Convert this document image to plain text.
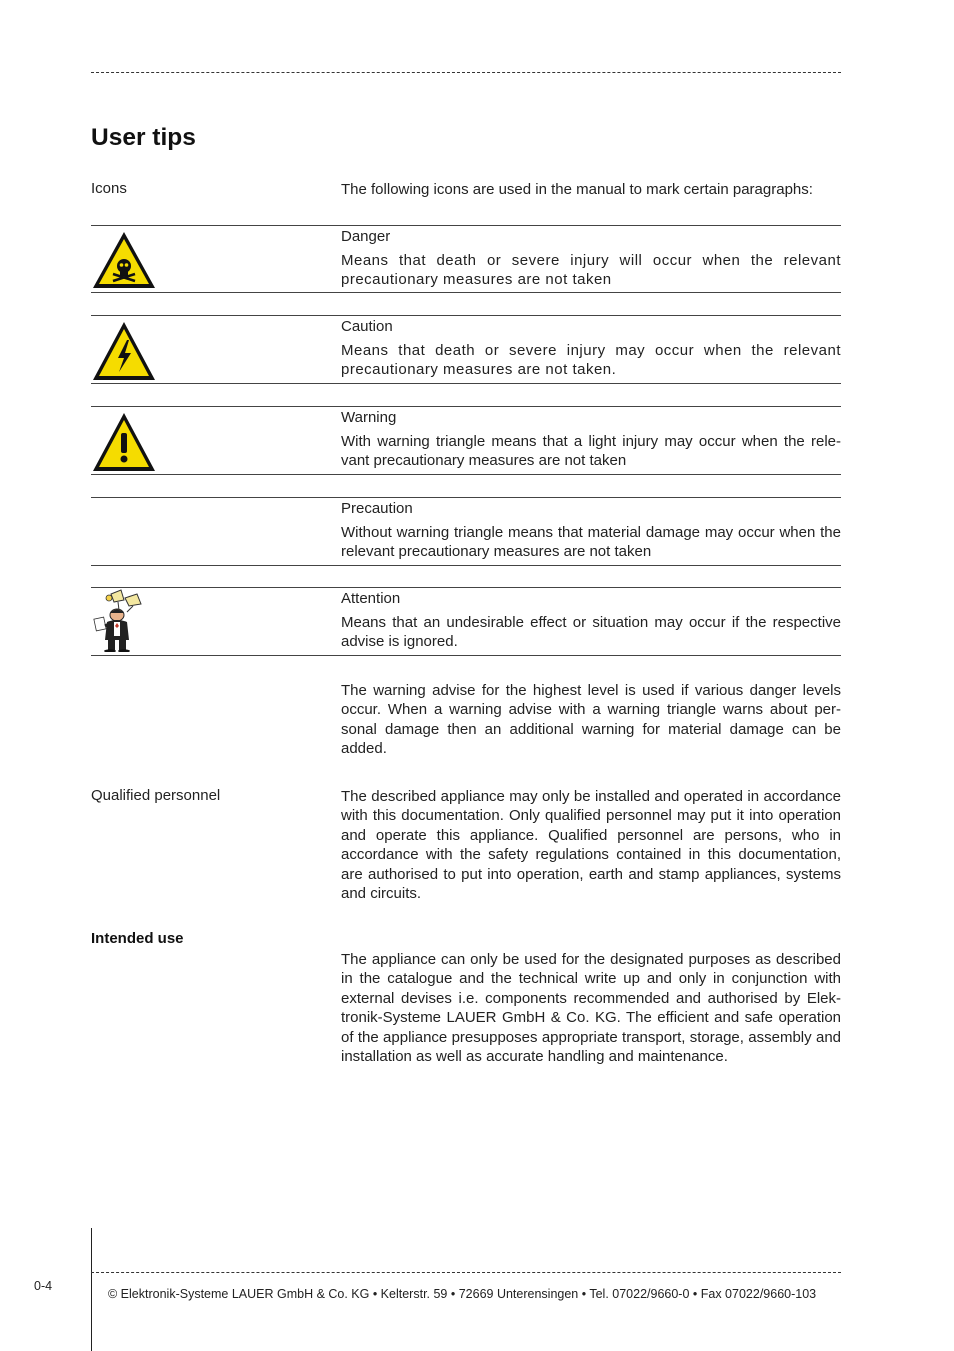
User tips
Icons	The following icons are used in the manual to mark certain paragraphs:
Danger
Means that death or severe injury will occur when the relevant precautionary measures are not taken
Caution
Means that death or severe injury may occur when the relevant precautionary measures are not taken.
Warning
With warning triangle means that a light injury may occur when the rele-vant precautionary measures are not taken
Precaution
Without warning triangle means that material damage may occur when the relevant precautionary measures are not taken
Attention
Means that an undesirable effect or situation may occur if the respective advise is ignored.
The warning advise for the highest level is used if various danger levels occur. When a warning advise with a warning triangle warns about per-sonal damage then an additional warning for material damage can be added.
Qualified personnel	The described appliance may only be installed and operated in accordance with this documentation. Only qualified personnel may put it into operation and operate this appliance. Qualified personnel are persons, who in accordance with the safety regulations contained in this documentation, are authorised to put into operation, earth and stamp appliances, systems and circuits.
Intended use
The appliance can only be used for the designated purposes as described in the catalogue and the technical write up and only in conjunction with external devises i.e. components recommended and authorised by Elek-tronik-Systeme LAUER GmbH & Co. KG. The efficient and safe operation of the appliance presupposes appropriate transport, storage, assembly and installation as well as accurate handling and maintenance.
0-4
© Elektronik-Systeme LAUER GmbH & Co. KG • Kelterstr. 59 • 72669 Unterensingen • Tel. 07022/9660-0 • Fax 07022/9660-103
